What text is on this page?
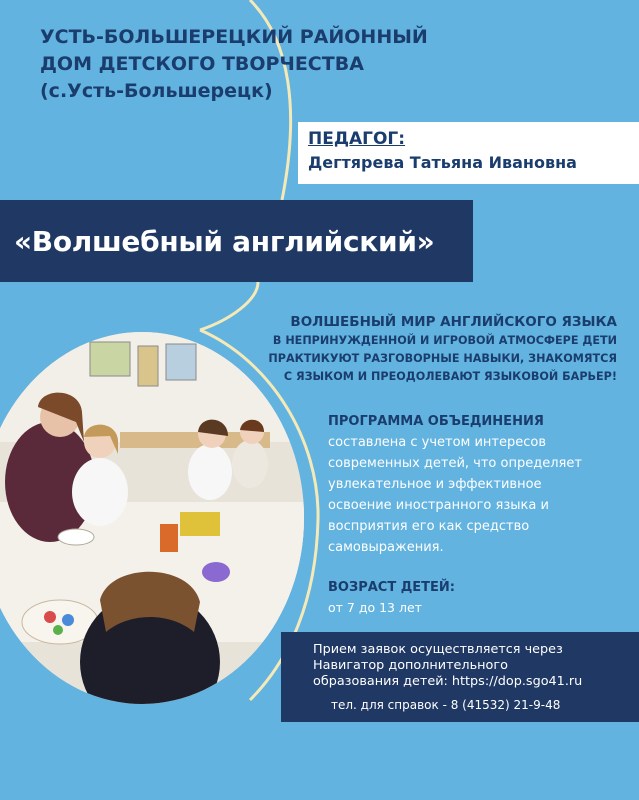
УСТЬ-БОЛЬШЕРЕЦКИЙ РАЙОННЫЙ
ДОМ ДЕТСКОГО ТВОРЧЕСТВА
(с.Усть-Большерецк)
ПЕДАГОГ:
Дегтярева Татьяна Ивановна
«Волшебный английский»
ВОЛШЕБНЫЙ МИР АНГЛИЙСКОГО ЯЗЫКА
В НЕПРИНУЖДЕННОЙ И ИГРОВОЙ АТМОСФЕРЕ ДЕТИ
ПРАКТИКУЮТ РАЗГОВОРНЫЕ НАВЫКИ, ЗНАКОМЯТСЯ
С ЯЗЫКОМ И ПРЕОДОЛЕВАЮТ ЯЗЫКОВОЙ БАРЬЕР!
ПРОГРАММА ОБЪЕДИНЕНИЯ
составлена с учетом интересов
современных детей, что определяет
увлекательное и эффективное
освоение иностранного языка и
восприятия его как средство
самовыражения.
ВОЗРАСТ ДЕТЕЙ:
от 7 до 13 лет
Прием заявок осуществляется через
Навигатор дополнительного
образования детей: https://dop.sgo41.ru
тел. для справок - 8 (41532) 21-9-48
